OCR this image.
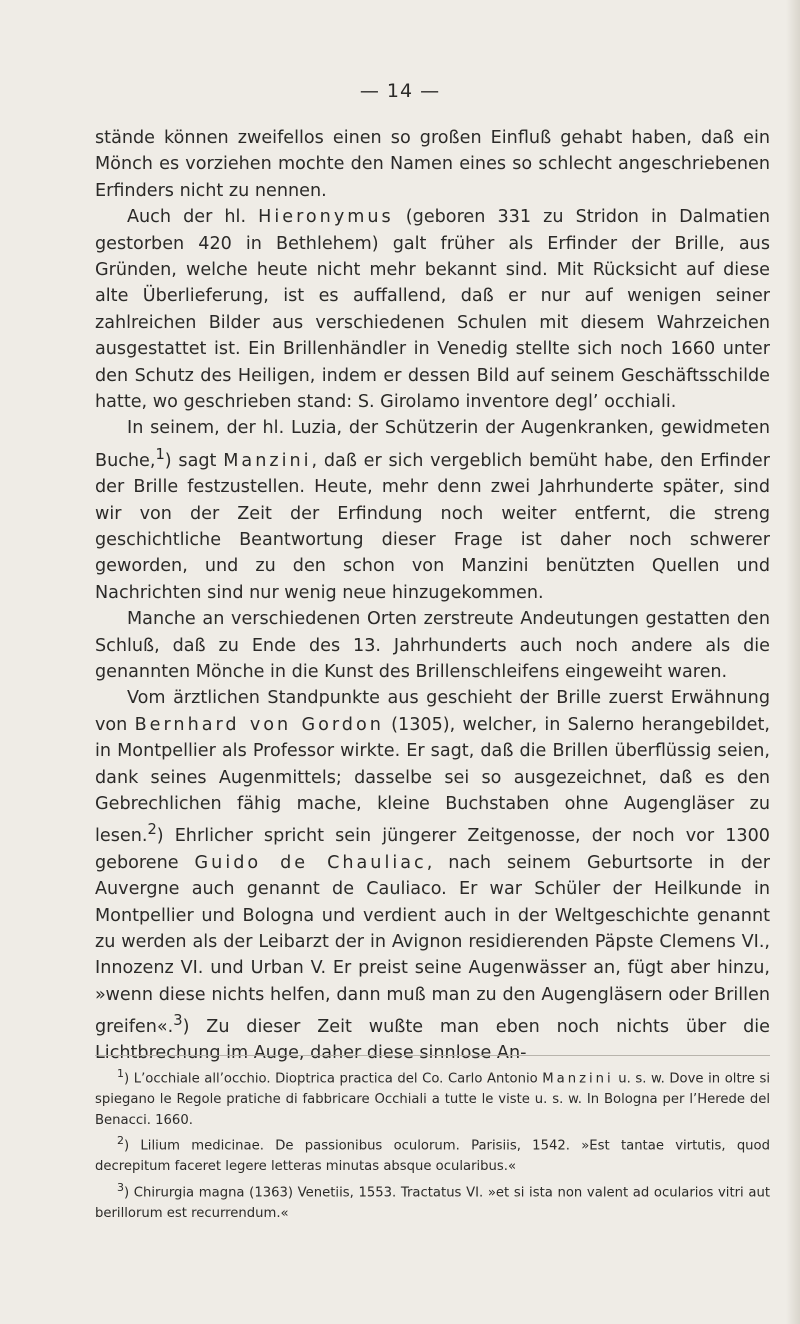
— 14 —

stände können zweifellos einen so großen Einfluß gehabt haben, daß ein Mönch es vorziehen mochte den Namen eines so schlecht angeschriebenen Erfinders nicht zu nennen.

Auch der hl. Hieronymus (geboren 331 zu Stridon in Dalmatien gestorben 420 in Bethlehem) galt früher als Erfinder der Brille, aus Gründen, welche heute nicht mehr bekannt sind. Mit Rücksicht auf diese alte Überlieferung, ist es auffallend, daß er nur auf wenigen seiner zahlreichen Bilder aus verschiedenen Schulen mit diesem Wahrzeichen ausgestattet ist. Ein Brillenhändler in Venedig stellte sich noch 1660 unter den Schutz des Heiligen, indem er dessen Bild auf seinem Geschäftsschilde hatte, wo geschrieben stand: S. Girolamo inventore degl’ occhiali.

In seinem, der hl. Luzia, der Schützerin der Augenkranken, gewidmeten Buche,$^1$) sagt Manzini, daß er sich vergeblich bemüht habe, den Erfinder der Brille festzustellen. Heute, mehr denn zwei Jahrhunderte später, sind wir von der Zeit der Erfindung noch weiter entfernt, die streng geschichtliche Beantwortung dieser Frage ist daher noch schwerer geworden, und zu den schon von Manzini benützten Quellen und Nachrichten sind nur wenig neue hinzugekommen.

Manche an verschiedenen Orten zerstreute Andeutungen gestatten den Schluß, daß zu Ende des 13. Jahrhunderts auch noch andere als die genannten Mönche in die Kunst des Brillenschleifens eingeweiht waren.

Vom ärztlichen Standpunkte aus geschieht der Brille zuerst Erwähnung von Bernhard von Gordon (1305), welcher, in Salerno herangebildet, in Montpellier als Professor wirkte. Er sagt, daß die Brillen überflüssig seien, dank seines Augenmittels; dasselbe sei so ausgezeichnet, daß es den Gebrechlichen fähig mache, kleine Buchstaben ohne Augengläser zu lesen.$^2$) Ehrlicher spricht sein jüngerer Zeitgenosse, der noch vor 1300 geborene Guido de Chauliac, nach seinem Geburtsorte in der Auvergne auch genannt de Cauliaco. Er war Schüler der Heilkunde in Montpellier und Bologna und verdient auch in der Weltgeschichte genannt zu werden als der Leibarzt der in Avignon residierenden Päpste Clemens VI., Innozenz VI. und Urban V. Er preist seine Augenwässer an, fügt aber hinzu, »wenn diese nichts helfen, dann muß man zu den Augengläsern oder Brillen greifen«.$^3$) Zu dieser Zeit wußte man eben noch nichts über die Lichtbrechung im Auge, daher diese sinnlose An-

$^1$) L’occhiale all’occhio. Dioptrica practica del Co. Carlo Antonio Manzini u. s. w. Dove in oltre si spiegano le Regole pratiche di fabbricare Occhiali a tutte le viste u. s. w. In Bologna per l’Herede del Benacci. 1660.

$^2$) Lilium medicinae. De passionibus oculorum. Parisiis, 1542. »Est tantae virtutis, quod decrepitum faceret legere letteras minutas absque ocularibus.«

$^3$) Chirurgia magna (1363) Venetiis, 1553. Tractatus VI. »et si ista non valent ad ocularios vitri aut berillorum est recurrendum.«
